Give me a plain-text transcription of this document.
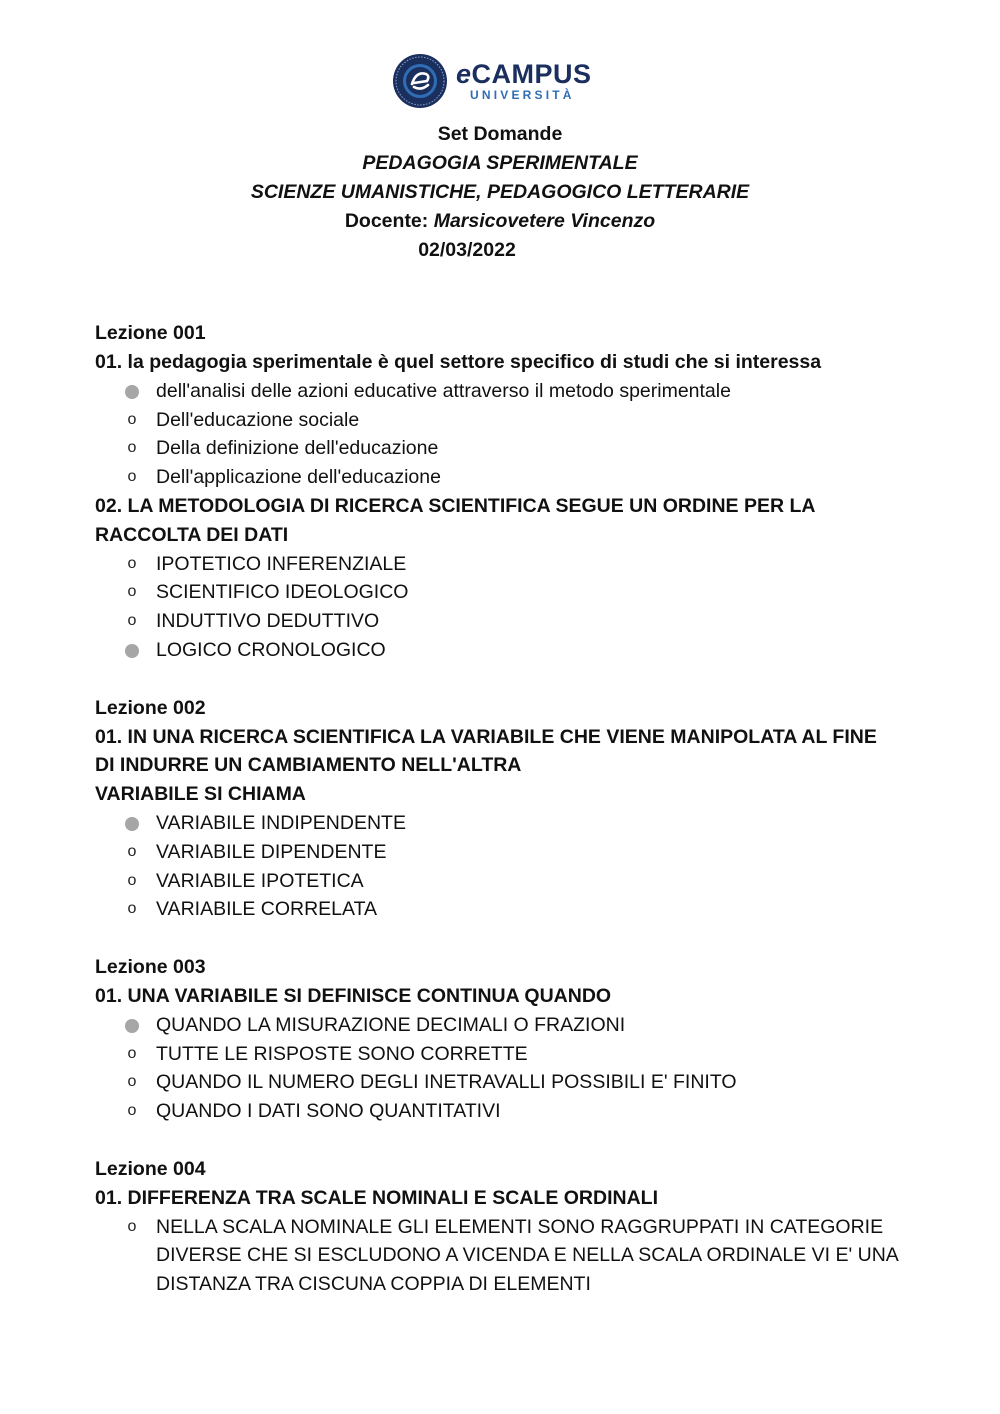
eCAMPUS
UNIVERSITÀ
Set Domande
PEDAGOGIA SPERIMENTALE
SCIENZE UMANISTICHE, PEDAGOGICO LETTERARIE
Docente: Marsicovetere Vincenzo
02/03/2022
Lezione 001
01. la pedagogia sperimentale è quel settore specifico di studi che si interessa
dell'analisi delle azioni educative attraverso il metodo sperimentale
o
Dell'educazione sociale
o
Della definizione dell'educazione
o
Dell'applicazione dell'educazione
02. LA METODOLOGIA DI RICERCA SCIENTIFICA SEGUE UN ORDINE PER LA
RACCOLTA DEI DATI
o
IPOTETICO INFERENZIALE
o
SCIENTIFICO IDEOLOGICO
o
INDUTTIVO DEDUTTIVO
LOGICO CRONOLOGICO
Lezione 002
01. IN UNA RICERCA SCIENTIFICA LA VARIABILE CHE VIENE MANIPOLATA AL FINE
DI INDURRE UN CAMBIAMENTO NELL'ALTRA
VARIABILE SI CHIAMA
VARIABILE INDIPENDENTE
o
VARIABILE DIPENDENTE
o
VARIABILE IPOTETICA
o
VARIABILE CORRELATA
Lezione 003
01. UNA VARIABILE SI DEFINISCE CONTINUA QUANDO
QUANDO LA MISURAZIONE DECIMALI O FRAZIONI
o
TUTTE LE RISPOSTE SONO CORRETTE
o
QUANDO IL NUMERO DEGLI INETRAVALLI POSSIBILI E' FINITO
o
QUANDO I DATI SONO QUANTITATIVI
Lezione 004
01. DIFFERENZA TRA SCALE NOMINALI E SCALE ORDINALI
o
NELLA SCALA NOMINALE GLI ELEMENTI SONO RAGGRUPPATI IN CATEGORIE
DIVERSE CHE SI ESCLUDONO A VICENDA E NELLA SCALA ORDINALE VI E' UNA
DISTANZA TRA CISCUNA COPPIA DI ELEMENTI
